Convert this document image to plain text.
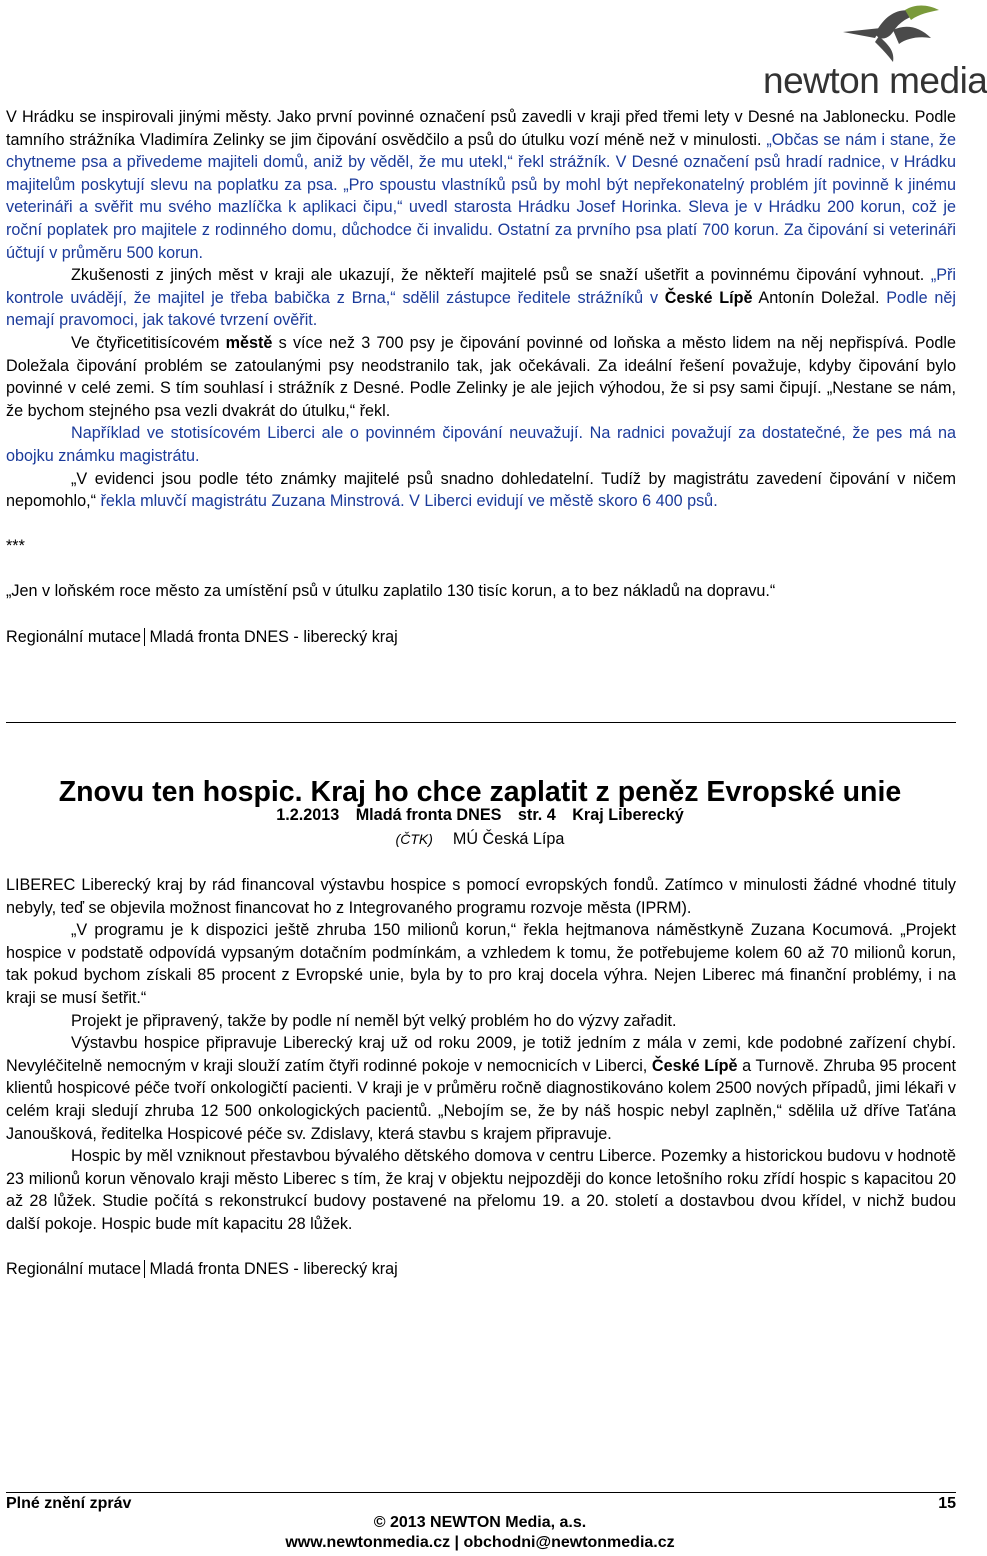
newton media

V Hrádku se inspirovali jinými městy. Jako první povinné označení psů zavedli v kraji před třemi lety v Desné na Jablonecku. Podle tamního strážníka Vladimíra Zelinky se jim čipování osvědčilo a psů do útulku vozí méně než v minulosti. „Občas se nám i stane, že chytneme psa a přivedeme majiteli domů, aniž by věděl, že mu utekl,“ řekl strážník. V Desné označení psů hradí radnice, v Hrádku majitelům poskytují slevu na poplatku za psa. „Pro spoustu vlastníků psů by mohl být nepřekonatelný problém jít povinně k jinému veterináři a svěřit mu svého mazlíčka k aplikaci čipu,“ uvedl starosta Hrádku Josef Horinka. Sleva je v Hrádku 200 korun, což je roční poplatek pro majitele z rodinného domu, důchodce či invalidu. Ostatní za prvního psa platí 700 korun. Za čipování si veterináři účtují v průměru 500 korun.

Zkušenosti z jiných měst v kraji ale ukazují, že někteří majitelé psů se snaží ušetřit a povinnému čipování vyhnout. „Při kontrole uvádějí, že majitel je třeba babička z Brna,“ sdělil zástupce ředitele strážníků v České Lípě Antonín Doležal. Podle něj nemají pravomoci, jak takové tvrzení ověřit.

Ve čtyřicetitisícovém městě s více než 3 700 psy je čipování povinné od loňska a město lidem na něj nepřispívá. Podle Doležala čipování problém se zatoulanými psy neodstranilo tak, jak očekávali. Za ideální řešení považuje, kdyby čipování bylo povinné v celé zemi. S tím souhlasí i strážník z Desné. Podle Zelinky je ale jejich výhodou, že si psy sami čipují. „Nestane se nám, že bychom stejného psa vezli dvakrát do útulku,“ řekl.

Například ve stotisícovém Liberci ale o povinném čipování neuvažují. Na radnici považují za dostatečné, že pes má na obojku známku magistrátu.

„V evidenci jsou podle této známky majitelé psů snadno dohledatelní. Tudíž by magistrátu zavedení čipování v ničem nepomohlo,“ řekla mluvčí magistrátu Zuzana Minstrová. V Liberci evidují ve městě skoro 6 400 psů.

***

„Jen v loňském roce město za umístění psů v útulku zaplatilo 130 tisíc korun, a to bez nákladů na dopravu.“

Regionální mutace Mladá fronta DNES - liberecký kraj

Znovu ten hospic. Kraj ho chce zaplatit z peněz Evropské unie
1.2.2013 Mladá fronta DNES str. 4 Kraj Liberecký
(ČTK) MÚ Česká Lípa

LIBEREC Liberecký kraj by rád financoval výstavbu hospice s pomocí evropských fondů. Zatímco v minulosti žádné vhodné tituly nebyly, teď se objevila možnost financovat ho z Integrovaného programu rozvoje města (IPRM).

„V programu je k dispozici ještě zhruba 150 milionů korun,“ řekla hejtmanova náměstkyně Zuzana Kocumová. „Projekt hospice v podstatě odpovídá vypsaným dotačním podmínkám, a vzhledem k tomu, že potřebujeme kolem 60 až 70 milionů korun, tak pokud bychom získali 85 procent z Evropské unie, byla by to pro kraj docela výhra. Nejen Liberec má finanční problémy, i na kraji se musí šetřit.“

Projekt je připravený, takže by podle ní neměl být velký problém ho do výzvy zařadit.

Výstavbu hospice připravuje Liberecký kraj už od roku 2009, je totiž jedním z mála v zemi, kde podobné zařízení chybí. Nevyléčitelně nemocným v kraji slouží zatím čtyři rodinné pokoje v nemocnicích v Liberci, České Lípě a Turnově. Zhruba 95 procent klientů hospicové péče tvoří onkologičtí pacienti. V kraji je v průměru ročně diagnostikováno kolem 2500 nových případů, jimi lékaři v celém kraji sledují zhruba 12 500 onkologických pacientů. „Nebojím se, že by náš hospic nebyl zaplněn,“ sdělila už dříve Taťána Janoušková, ředitelka Hospicové péče sv. Zdislavy, která stavbu s krajem připravuje.

Hospic by měl vzniknout přestavbou bývalého dětského domova v centru Liberce. Pozemky a historickou budovu v hodnotě 23 milionů korun věnovalo kraji město Liberec s tím, že kraj v objektu nejpozději do konce letošního roku zřídí hospic s kapacitou 20 až 28 lůžek. Studie počítá s rekonstrukcí budovy postavené na přelomu 19. a 20. století a dostavbou dvou křídel, v nichž budou další pokoje. Hospic bude mít kapacitu 28 lůžek.

Regionální mutace Mladá fronta DNES - liberecký kraj

Plné znění zpráv	15
© 2013 NEWTON Media, a.s.
www.newtonmedia.cz | obchodni@newtonmedia.cz
